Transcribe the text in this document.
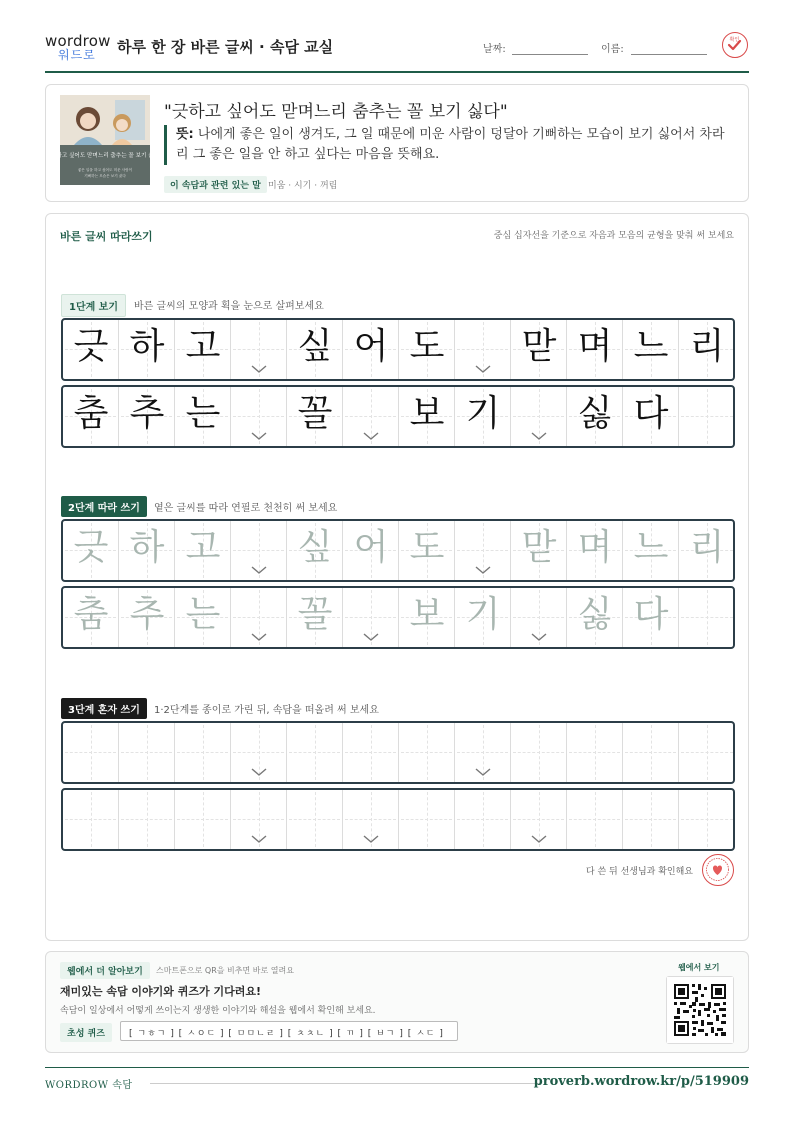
wordrow
워드로 하루 한 장 바른 글씨 · 속담 교실	날짜:	이름:
확인
긋하고 싶어도 맏며느리 춤추는 꼴 보기 싫다
좋은 일을 하고 싶어도 미운 사람이
기뻐하는 모습은 보기 싫다
"긋하고 싶어도 맏며느리 춤추는 꼴 보기 싫다"
뜻: 나에게 좋은 일이 생겨도, 그 일 때문에 미운 사람이 덩달아 기뻐하는 모습이 보기 싫어서 차라리 그 좋은 일을 안 하고 싶다는 마음을 뜻해요.
이 속담과 관련 있는 말 미움 · 시기 · 꺼림
바른 글씨 따라쓰기	중심 십자선을 기준으로 자음과 모음의 균형을 맞춰 써 보세요
1단계 보기	바른 글씨의 모양과 획을 눈으로 살펴보세요
긋 하 고 싶 어 도 맏 며 느 리
춤 추 는 꼴 보 기 싫 다
2단계 따라 쓰기	옅은 글씨를 따라 연필로 천천히 써 보세요
긋 하 고 싶 어 도 맏 며 느 리
춤 추 는 꼴 보 기 싫 다
3단계 혼자 쓰기	1·2단계를 종이로 가린 뒤, 속담을 떠올려 써 보세요
다 쓴 뒤 선생님과 확인해요
웹에서 더 알아보기	스마트폰으로 QR을 비추면 바로 열려요
재미있는 속담 이야기와 퀴즈가 기다려요!
속담이 일상에서 어떻게 쓰이는지 생생한 이야기와 해설을 웹에서 확인해 보세요.
초성 퀴즈	[ ㄱㅎㄱ ] [ ㅅㅇㄷ ] [ ㅁㅁㄴㄹ ] [ ㅊㅊㄴ ] [ ㄲ ] [ ㅂㄱ ] [ ㅅㄷ ]
웹에서 보기
WORDROW 속담	proverb.wordrow.kr/p/519909
